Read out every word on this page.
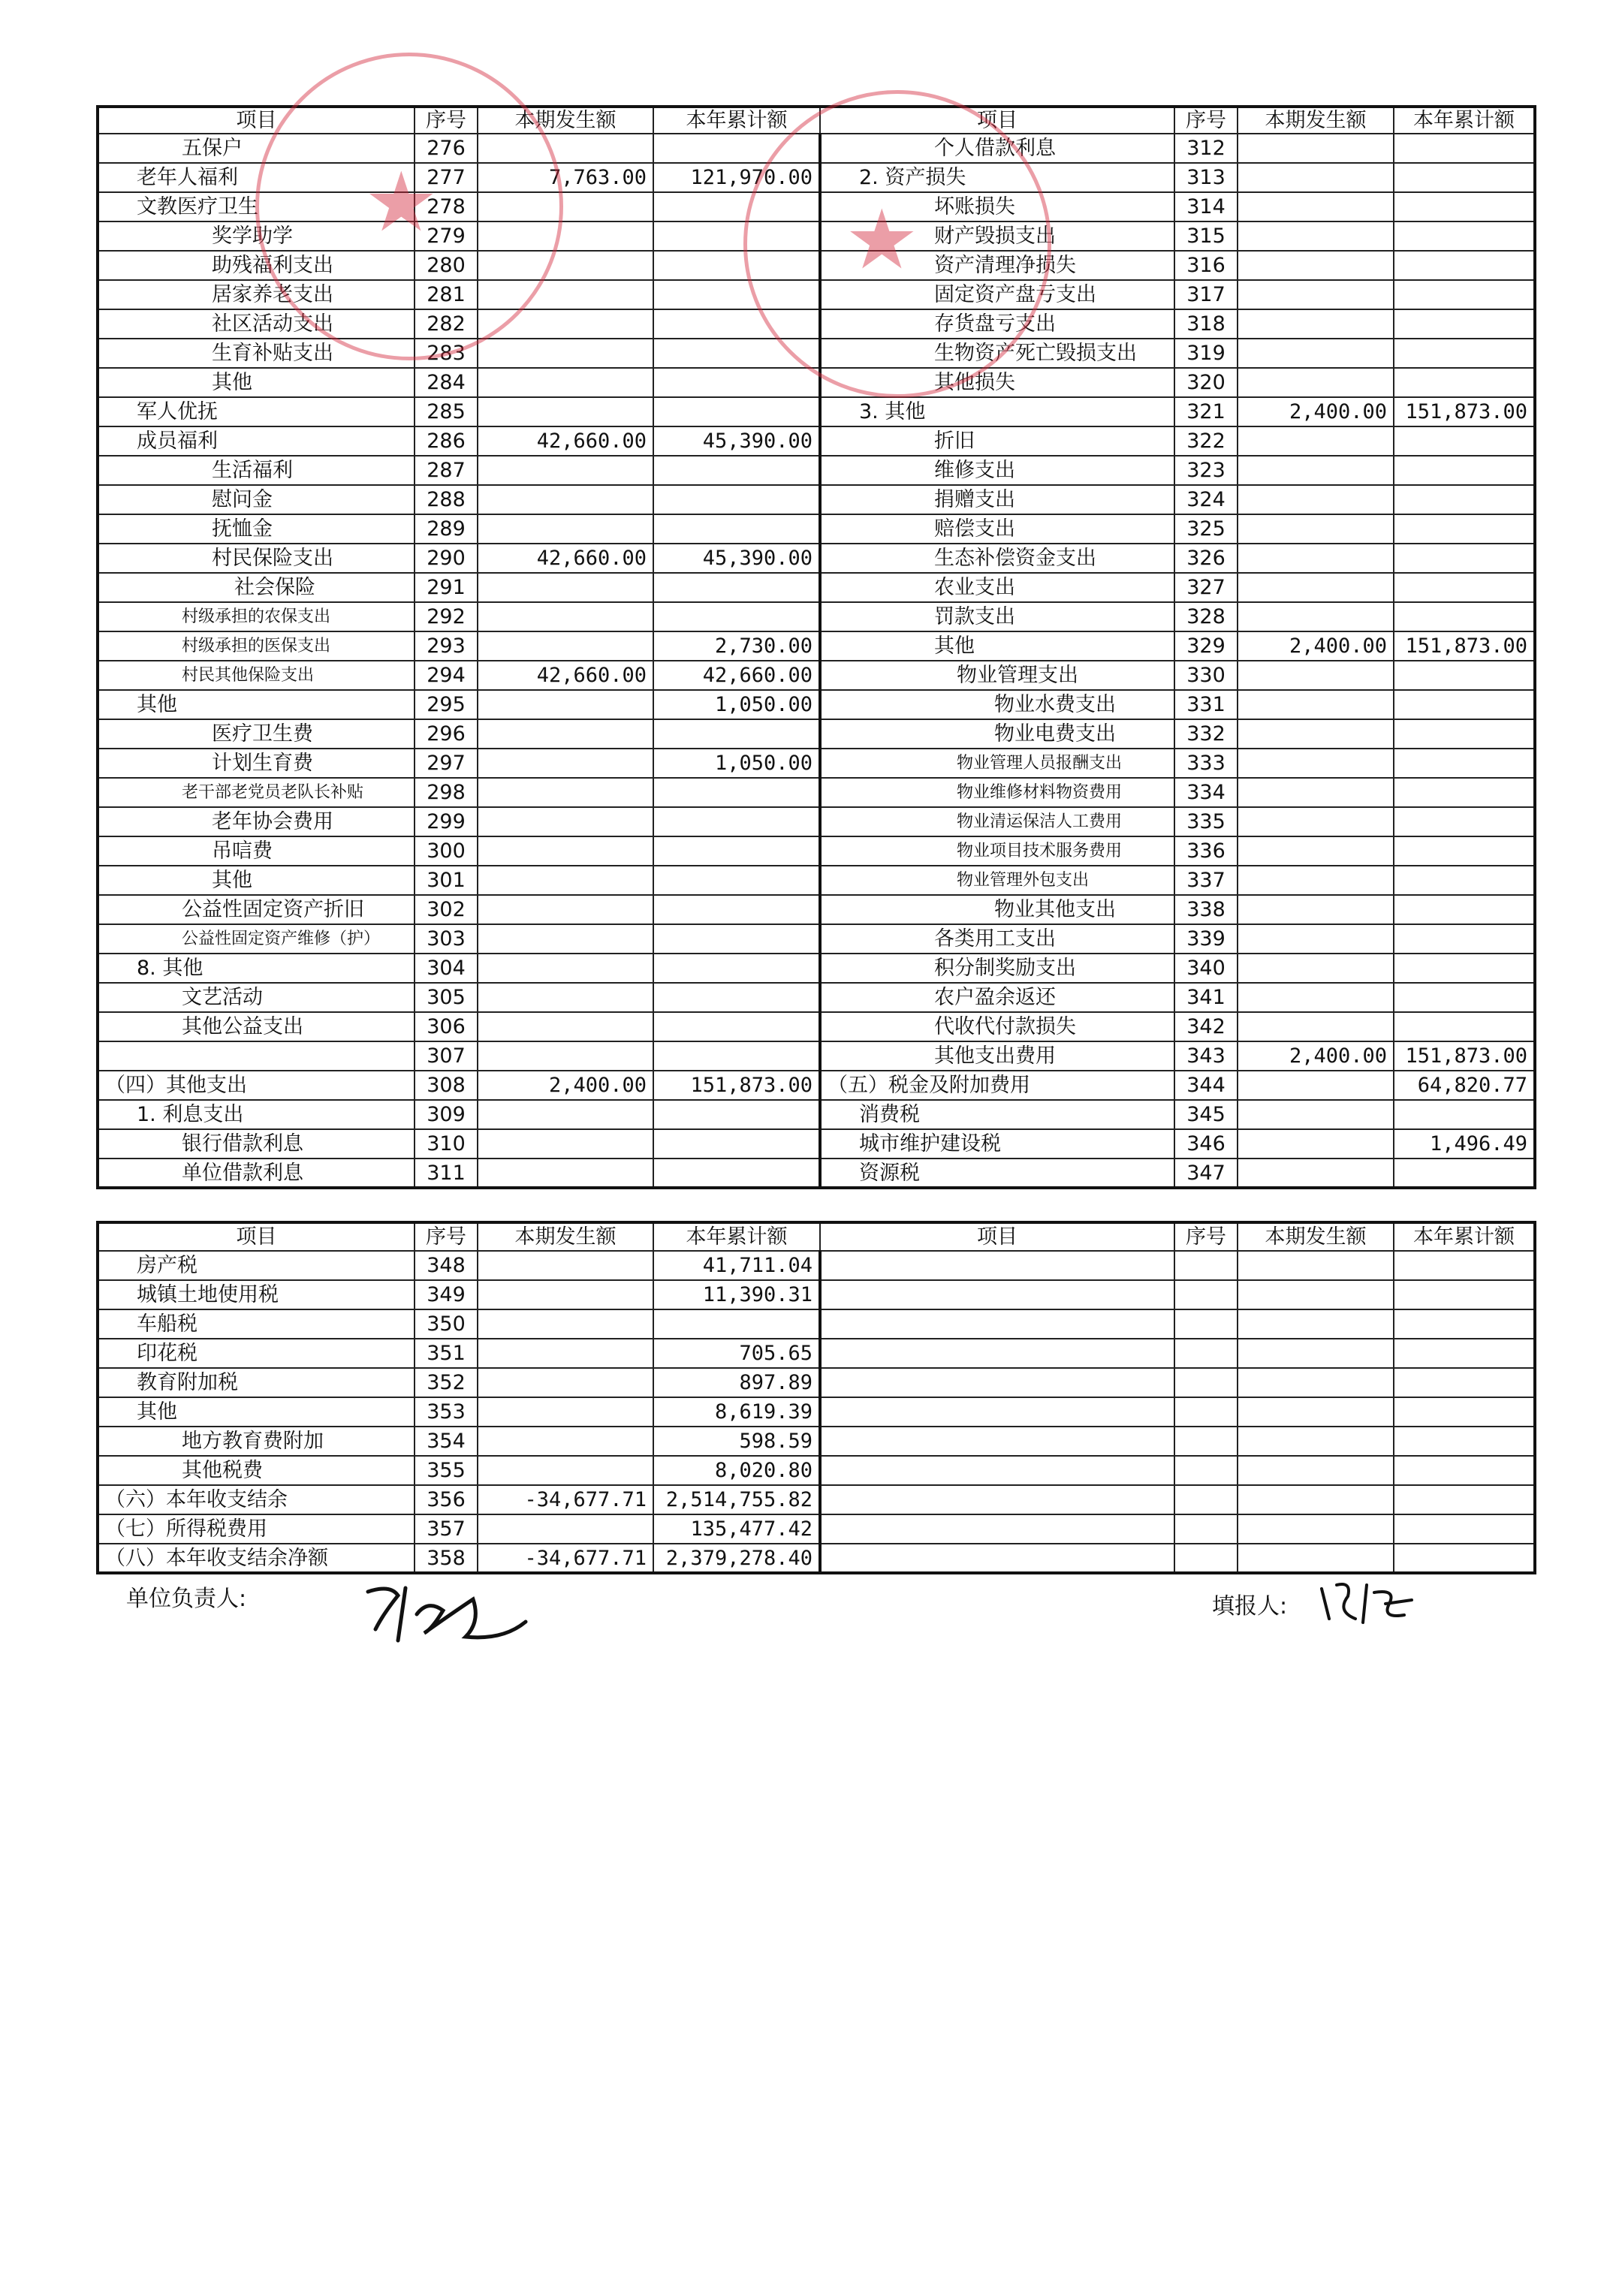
项目	序号	本期发生额	本年累计额	项目	序号	本期发生额	本年累计额
五保户	276			个人借款利息	312		
老年人福利	277	7,763.00	121,970.00	2. 资产损失	313		
文教医疗卫生	278			坏账损失	314		
奖学助学	279			财产毁损支出	315		
助残福利支出	280			资产清理净损失	316		
居家养老支出	281			固定资产盘亏支出	317		
社区活动支出	282			存货盘亏支出	318		
生育补贴支出	283			生物资产死亡毁损支出	319		
其他	284			其他损失	320		
军人优抚	285			3. 其他	321	2,400.00	151,873.00
成员福利	286	42,660.00	45,390.00	折旧	322		
生活福利	287			维修支出	323		
慰问金	288			捐赠支出	324		
抚恤金	289			赔偿支出	325		
村民保险支出	290	42,660.00	45,390.00	生态补偿资金支出	326		
社会保险	291			农业支出	327		
村级承担的农保支出	292			罚款支出	328		
村级承担的医保支出	293		2,730.00	其他	329	2,400.00	151,873.00
村民其他保险支出	294	42,660.00	42,660.00	物业管理支出	330		
其他	295		1,050.00	物业水费支出	331		
医疗卫生费	296			物业电费支出	332		
计划生育费	297		1,050.00	物业管理人员报酬支出	333		
老干部老党员老队长补贴	298			物业维修材料物资费用	334		
老年协会费用	299			物业清运保洁人工费用	335		
吊唁费	300			物业项目技术服务费用	336		
其他	301			物业管理外包支出	337		
公益性固定资产折旧	302			物业其他支出	338		
公益性固定资产维修（护）	303			各类用工支出	339		
8. 其他	304			积分制奖励支出	340		
文艺活动	305			农户盈余返还	341		
其他公益支出	306			代收代付款损失	342		
	307			其他支出费用	343	2,400.00	151,873.00
（四）其他支出	308	2,400.00	151,873.00	（五）税金及附加费用	344		64,820.77
1. 利息支出	309			消费税	345		
银行借款利息	310			城市维护建设税	346		1,496.49
单位借款利息	311			资源税	347		
项目	序号	本期发生额	本年累计额	项目	序号	本期发生额	本年累计额
房产税	348		41,711.04				
城镇土地使用税	349		11,390.31				
车船税	350						
印花税	351		705.65				
教育附加税	352		897.89				
其他	353		8,619.39				
地方教育费附加	354		598.59				
其他税费	355		8,020.80				
（六）本年收支结余	356	-34,677.71	2,514,755.82				
（七）所得税费用	357		135,477.42				
（八）本年收支结余净额	358	-34,677.71	2,379,278.40				
★	★
单位负责人:	填报人:
